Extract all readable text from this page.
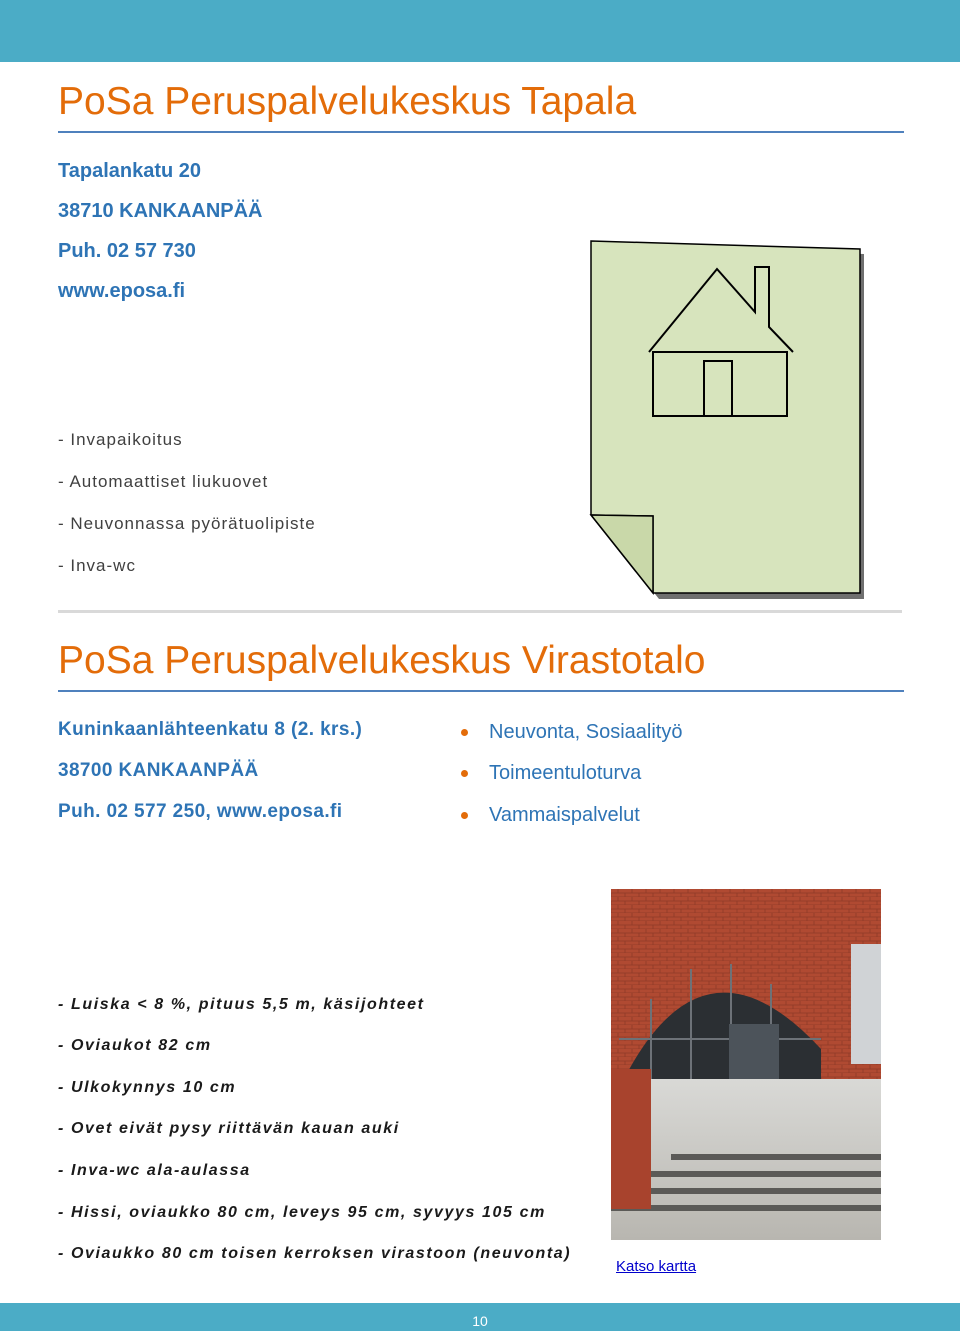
PoSa Peruspalvelukeskus Tapala
Tapalankatu 20
38710 KANKAANPÄÄ
Puh. 02 57 730
www.eposa.fi
- Invapaikoitus
- Automaattiset liukuovet
- Neuvonnassa pyörätuolipiste
- Inva-wc
PoSa Peruspalvelukeskus Virastotalo
Kuninkaanlähteenkatu 8 (2. krs.)
38700 KANKAANPÄÄ
Puh. 02 577 250, www.eposa.fi
Neuvonta, Sosiaalityö
Toimeentuloturva
Vammaispalvelut
- Luiska < 8 %, pituus 5,5 m, käsijohteet
- Oviaukot 82 cm
- Ulkokynnys 10 cm
- Ovet eivät pysy riittävän kauan auki
- Inva-wc ala-aulassa
- Hissi, oviaukko 80 cm, leveys 95 cm, syvyys 105 cm
- Oviaukko 80 cm toisen kerroksen virastoon (neuvonta)
Katso kartta
10
